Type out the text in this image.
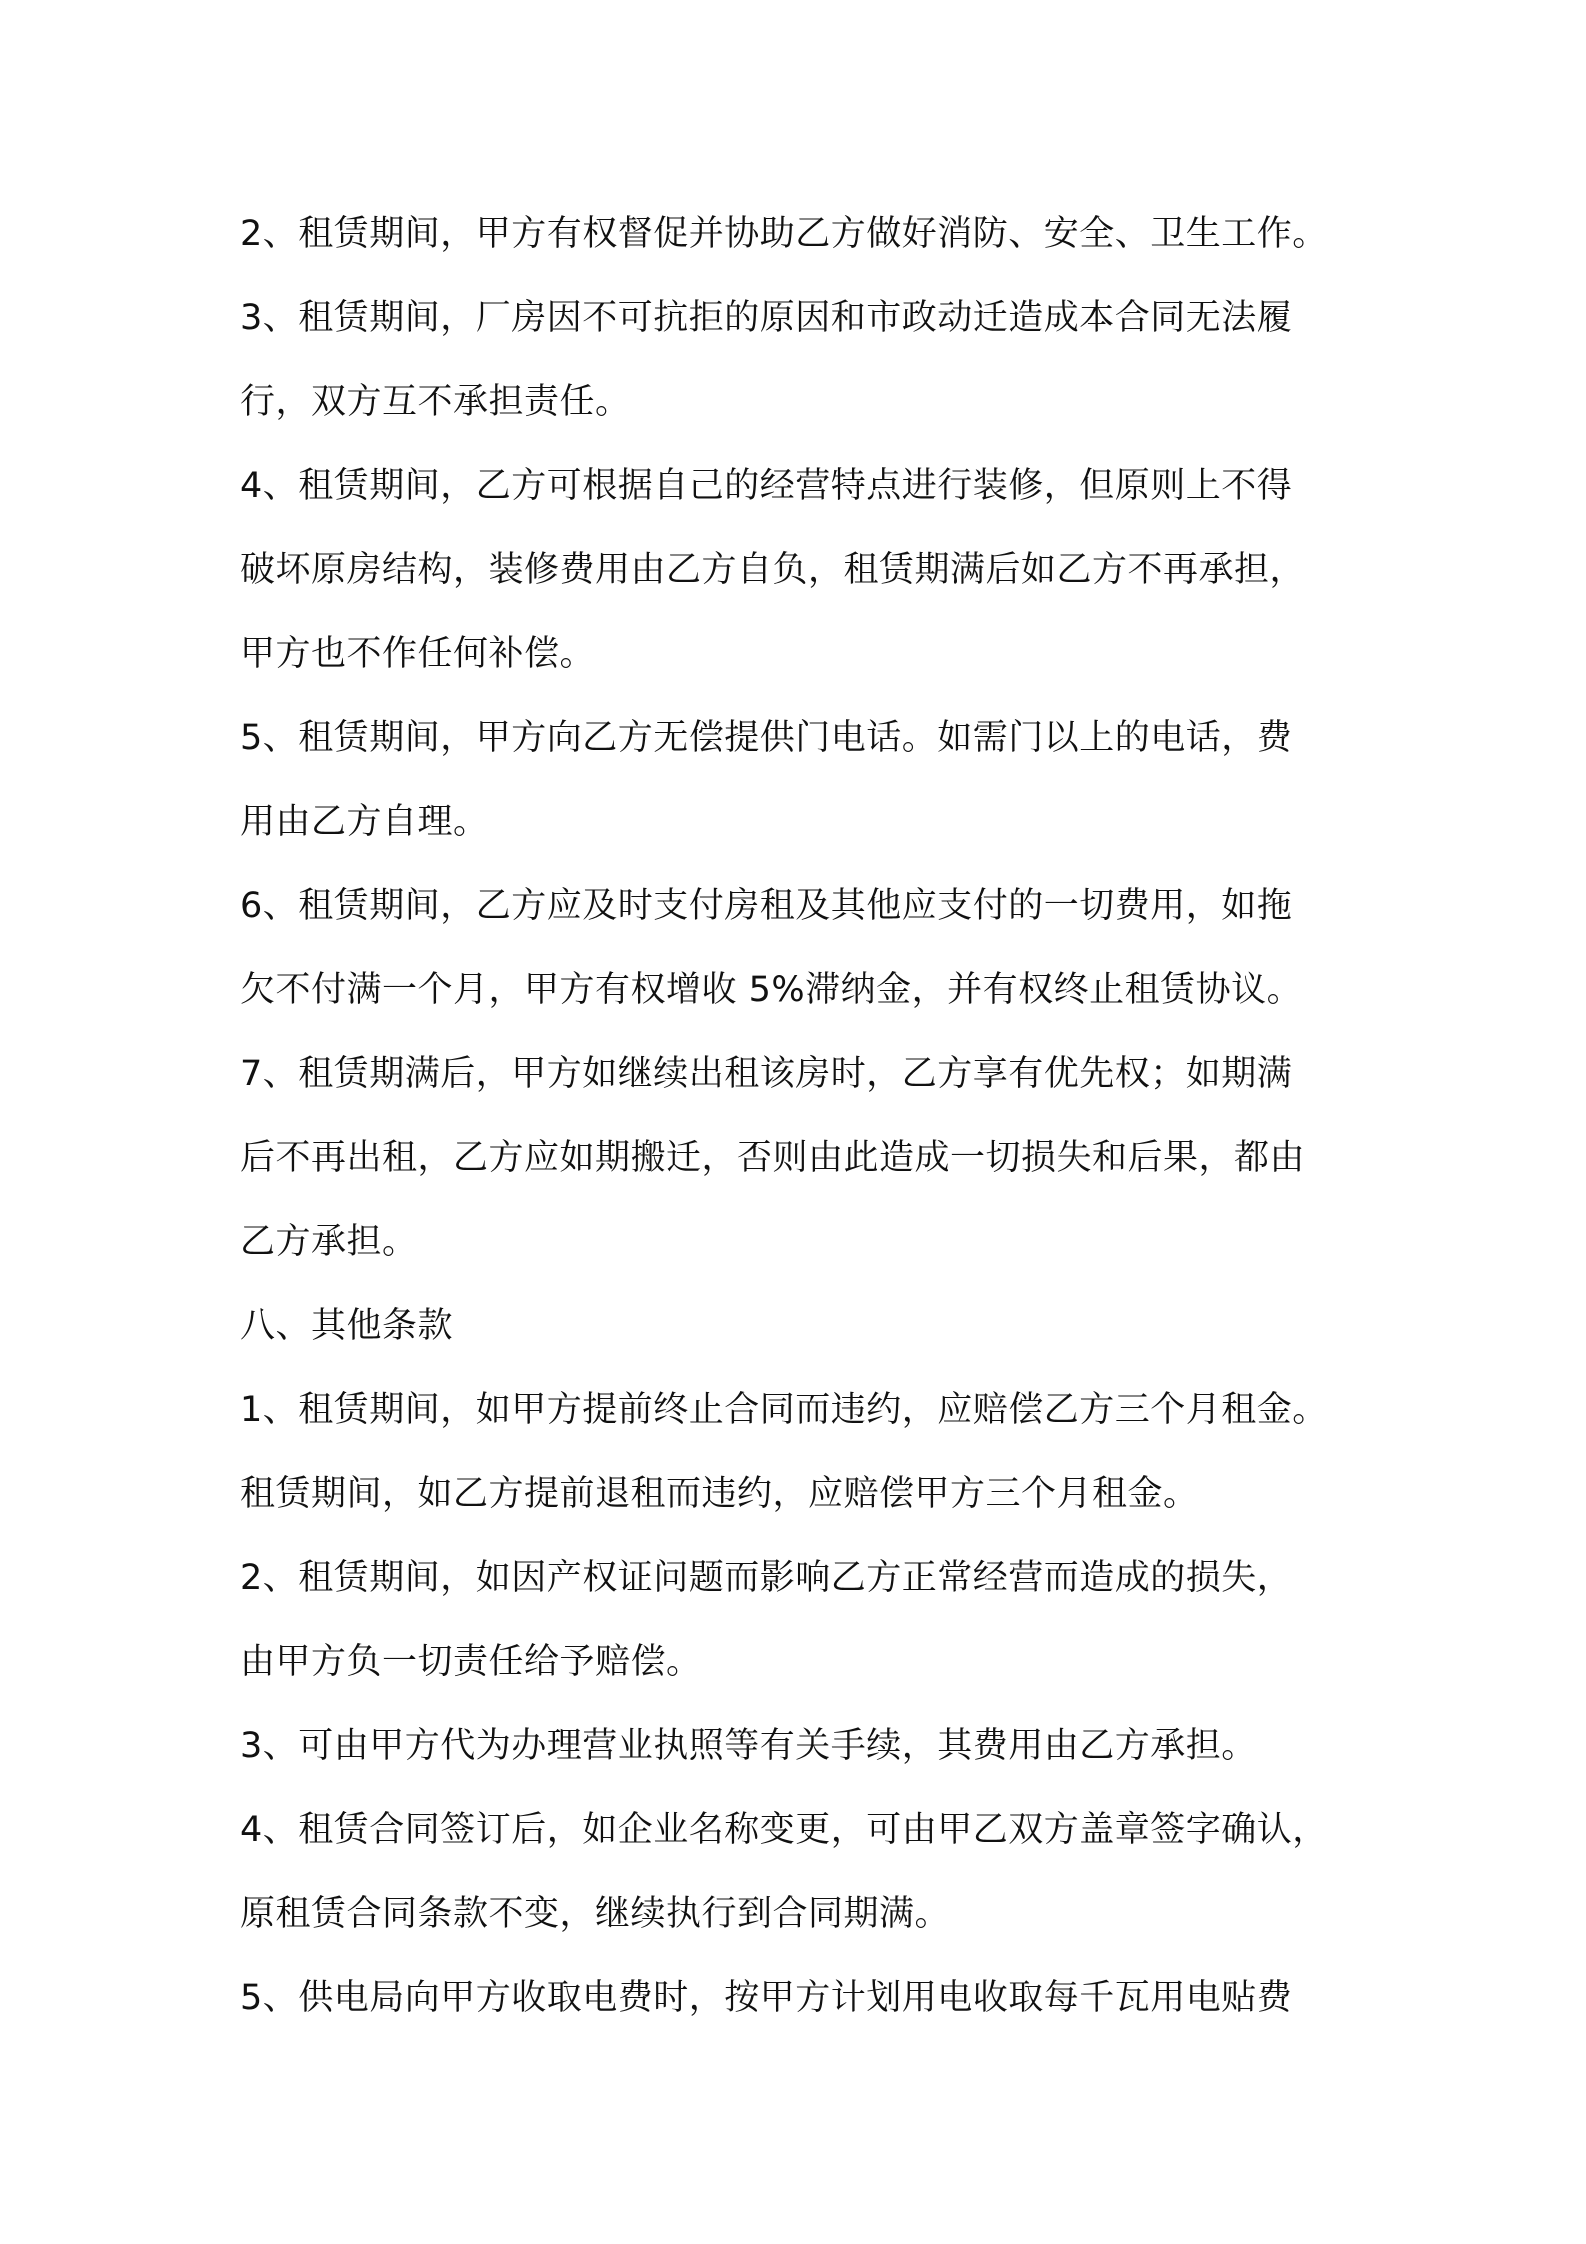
2、租赁期间，甲方有权督促并协助乙方做好消防、安全、卫生工作。
3、租赁期间，厂房因不可抗拒的原因和市政动迁造成本合同无法履
行，双方互不承担责任。
4、租赁期间，乙方可根据自己的经营特点进行装修，但原则上不得
破坏原房结构，装修费用由乙方自负，租赁期满后如乙方不再承担，
甲方也不作任何补偿。
5、租赁期间，甲方向乙方无偿提供门电话。如需门以上的电话，费
用由乙方自理。
6、租赁期间，乙方应及时支付房租及其他应支付的一切费用，如拖
欠不付满一个月，甲方有权增收 5%滞纳金，并有权终止租赁协议。
7、租赁期满后，甲方如继续出租该房时，乙方享有优先权；如期满
后不再出租，乙方应如期搬迁，否则由此造成一切损失和后果，都由
乙方承担。
八、其他条款
1、租赁期间，如甲方提前终止合同而违约，应赔偿乙方三个月租金。
租赁期间，如乙方提前退租而违约，应赔偿甲方三个月租金。
2、租赁期间，如因产权证问题而影响乙方正常经营而造成的损失，
由甲方负一切责任给予赔偿。
3、可由甲方代为办理营业执照等有关手续，其费用由乙方承担。
4、租赁合同签订后，如企业名称变更，可由甲乙双方盖章签字确认，
原租赁合同条款不变，继续执行到合同期满。
5、供电局向甲方收取电费时，按甲方计划用电收取每千瓦用电贴费
